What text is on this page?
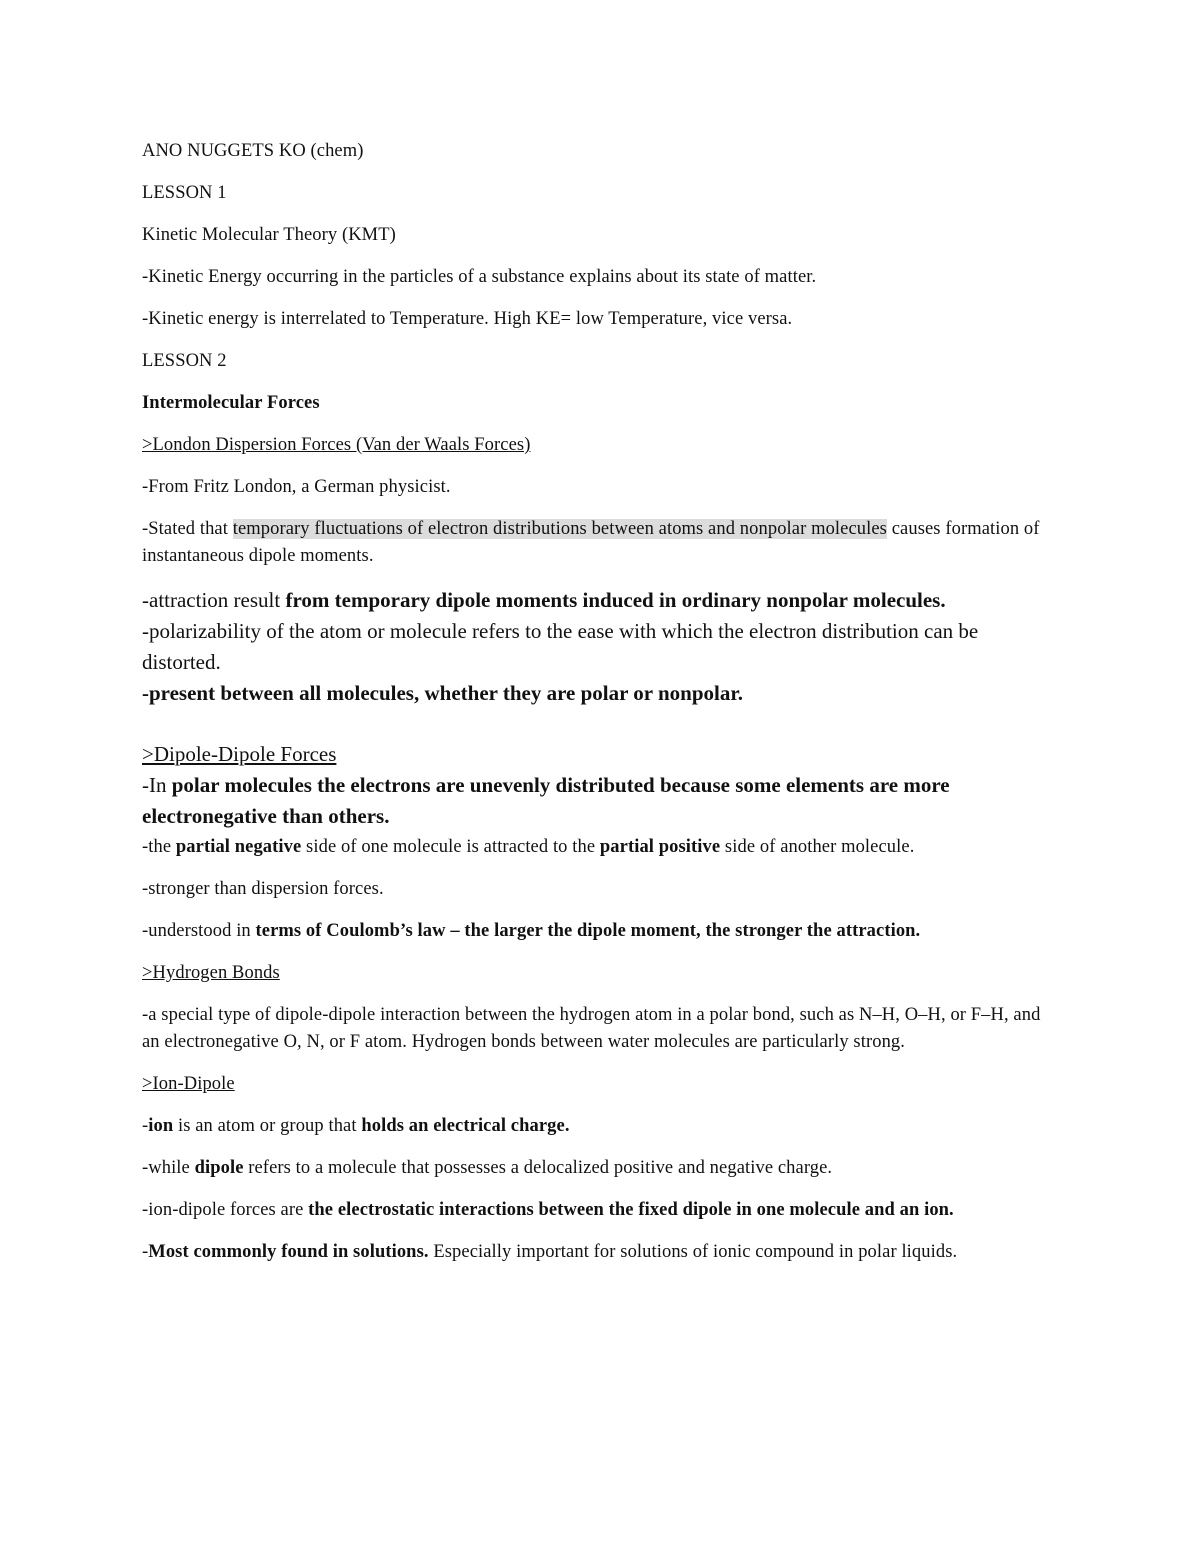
ANO NUGGETS KO (chem)

LESSON 1

Kinetic Molecular Theory (KMT)

-Kinetic Energy occurring in the particles of a substance explains about its state of matter.

-Kinetic energy is interrelated to Temperature. High KE= low Temperature, vice versa.

LESSON 2

Intermolecular Forces

>London Dispersion Forces (Van der Waals Forces)

-From Fritz London, a German physicist.

-Stated that temporary fluctuations of electron distributions between atoms and nonpolar molecules causes formation of instantaneous dipole moments.

-attraction result from temporary dipole moments induced in ordinary nonpolar molecules.

-polarizability of the atom or molecule refers to the ease with which the electron distribution can be distorted.

-present between all molecules, whether they are polar or nonpolar.

>Dipole-Dipole Forces

-In polar molecules the electrons are unevenly distributed because some elements are more electronegative than others.

-the partial negative side of one molecule is attracted to the partial positive side of another molecule.

-stronger than dispersion forces.

-understood in terms of Coulomb’s law – the larger the dipole moment, the stronger the attraction.

>Hydrogen Bonds

-a special type of dipole-dipole interaction between the hydrogen atom in a polar bond, such as N–H, O–H, or F–H, and an electronegative O, N, or F atom. Hydrogen bonds between water molecules are particularly strong.

>Ion-Dipole

-ion is an atom or group that holds an electrical charge.

-while dipole refers to a molecule that possesses a delocalized positive and negative charge.

-ion-dipole forces are the electrostatic interactions between the fixed dipole in one molecule and an ion.

-Most commonly found in solutions. Especially important for solutions of ionic compound in polar liquids.
